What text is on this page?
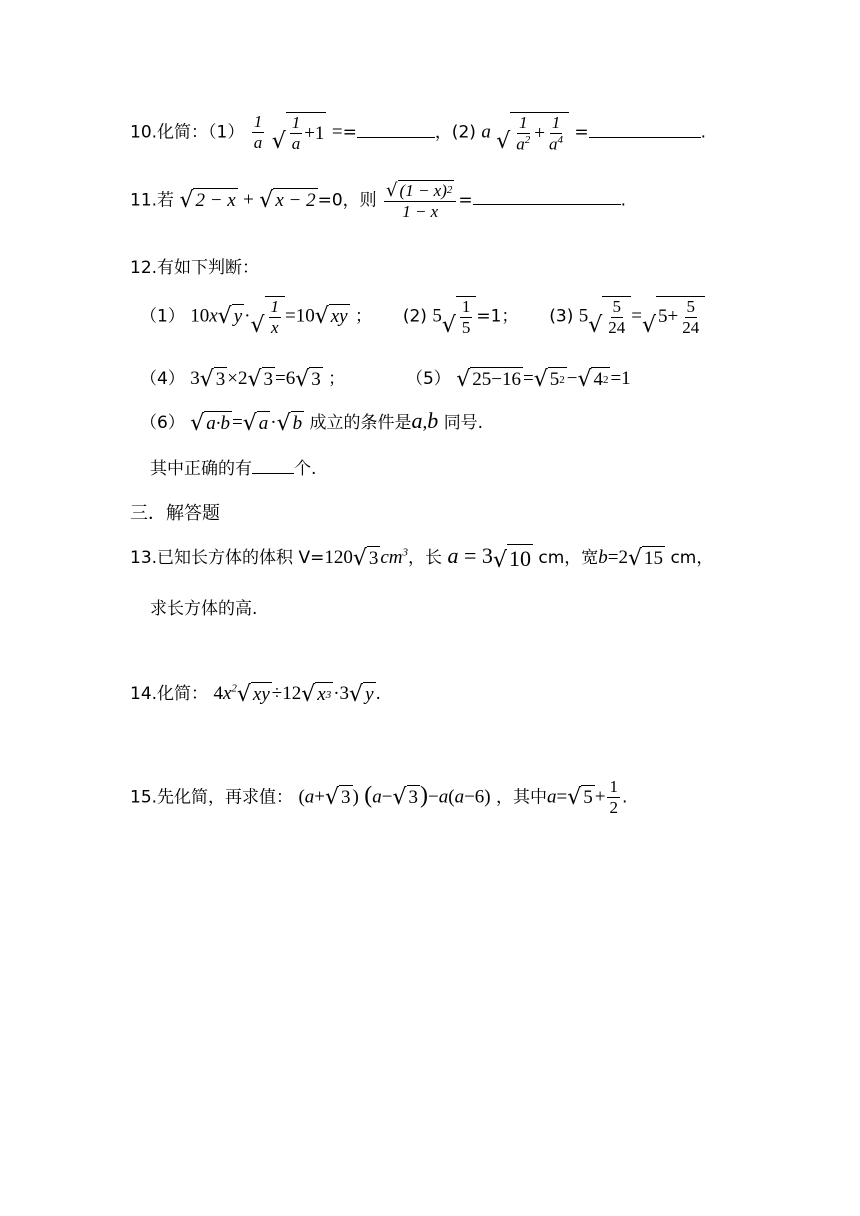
10.化简：$(1) \frac{1}{a}$
√ $\frac{1}{a} +1$ ==	，(2) a √ $\frac{1}{a^2} + \frac{1}{a^4}$ =	.
11.若 √ 2 − x + √ x − 2 =0，则 $\frac{√ (1 - x) 2}{1 - x}$ =	.
12.有如下判断：
（1） 10x √ y · √ $\frac{1}{x} =10$ √ xy ； (2) 5 √ $\frac{1}{5} =1$； (3) 5 √ $\frac{5}{24}$ = √ $5+ \frac{5}{24}$
（4） 3 √ 3 ×2 √ 3 =6 √ 3 ；	（5） √ 25−16 = √ 5 2 − √ 4 2 =1
（6） √ a·b = √ a · √ b 成立的条件是a,b 同号.
其中正确的有 个.
三．解答题
13.已知长方体的体积 V=120 √ 3 $cm^3$，长 a = 3 √ 10 cm，宽b=2 √ 15 cm，
求长方体的高.
14.化简： $4x^2$ √ xy ÷12 √ x 3 ·3 √ y .
15.先化简，再求值： (a+ √ 3 ) (a− √ 3 )−a(a−6) ，其中a= √ $5 + \frac{1}{2}$ .
